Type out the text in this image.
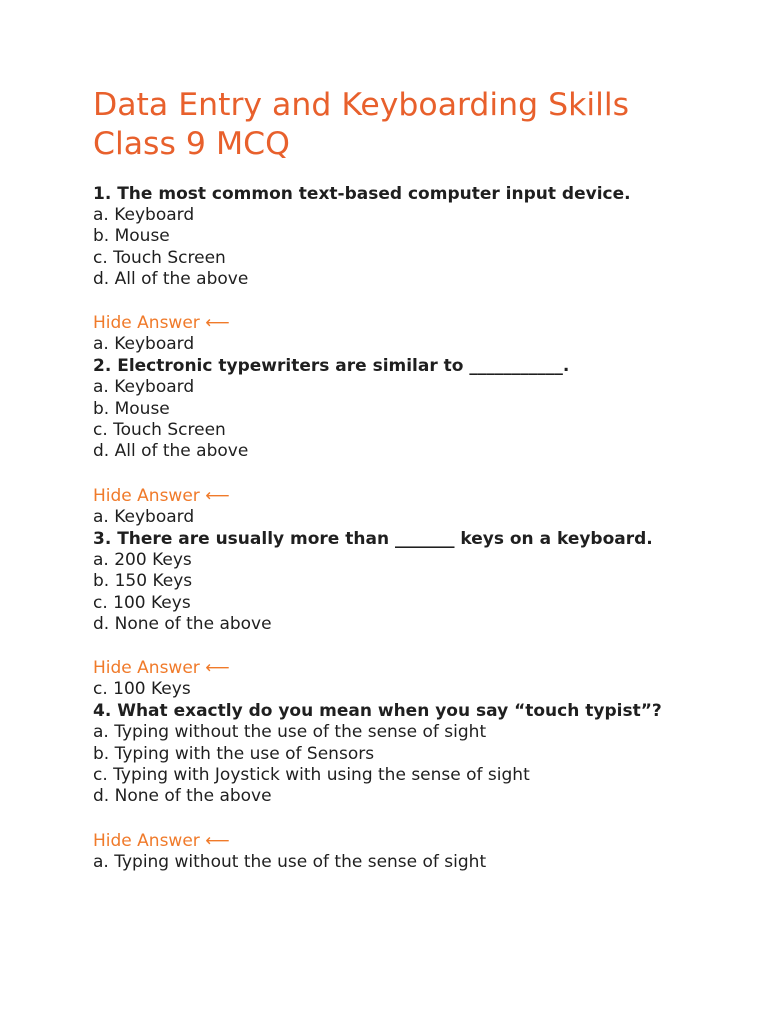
Data Entry and Keyboarding Skills Class 9 MCQ

1. The most common text-based computer input device.

a. Keyboard

b. Mouse

c. Touch Screen

d. All of the above

Hide Answer ⟵

a. Keyboard

2. Electronic typewriters are similar to ___________.

a. Keyboard

b. Mouse

c. Touch Screen

d. All of the above

Hide Answer ⟵

a. Keyboard

3. There are usually more than _______ keys on a keyboard.

a. 200 Keys

b. 150 Keys

c. 100 Keys

d. None of the above

Hide Answer ⟵

c. 100 Keys

4. What exactly do you mean when you say “touch typist”?

a. Typing without the use of the sense of sight

b. Typing with the use of Sensors

c. Typing with Joystick with using the sense of sight

d. None of the above

Hide Answer ⟵

a. Typing without the use of the sense of sight
